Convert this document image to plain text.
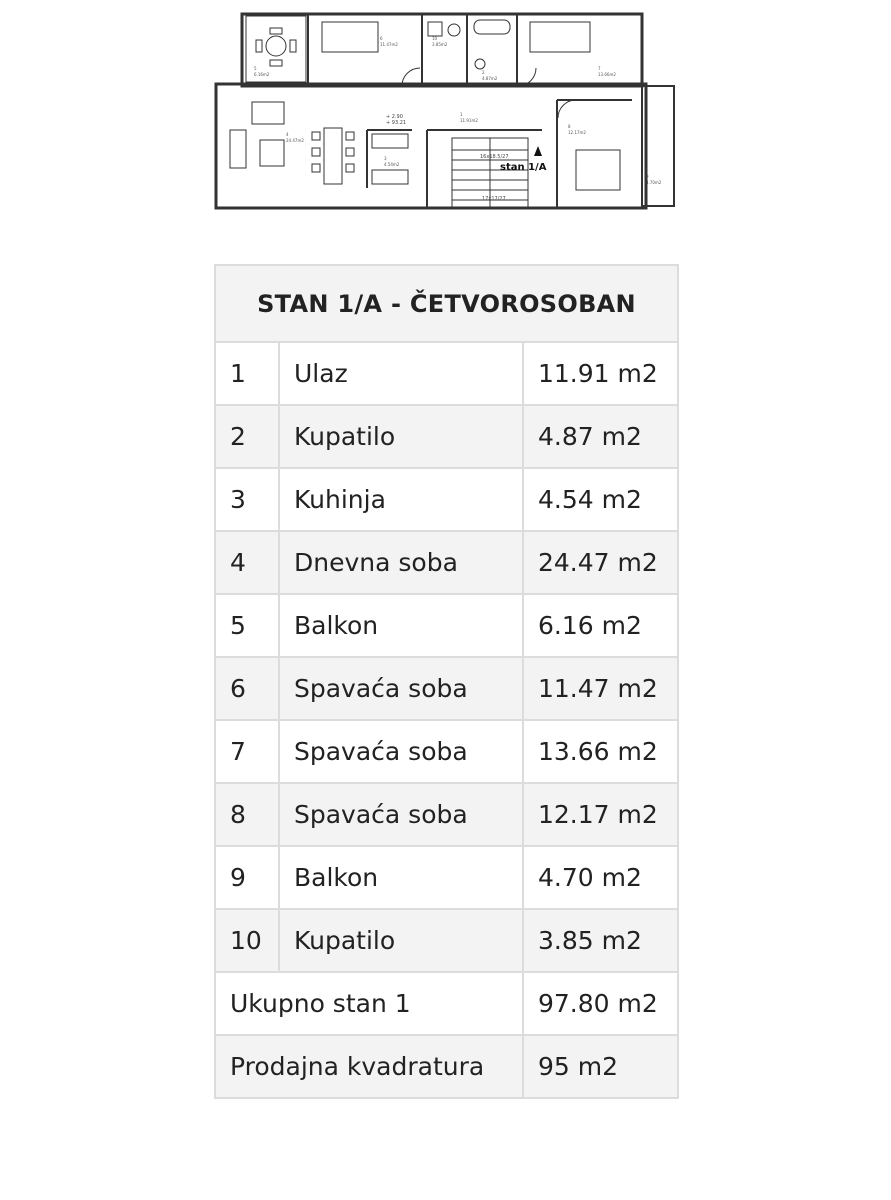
stan 1/A
16x18.5/27
17x17/27
+ 2.90
+ 93.21
1
11.91m2
2
4.87m2
3
4.54m2
4
24.47m2
5
6.16m2
6
11.47m2
7
13.66m2
8
12.17m2
9
4.70m2
10
3.85m2
STAN 1/A - ČETVOROSOBAN		
1	Ulaz	11.91 m2
2	Kupatilo	4.87 m2
3	Kuhinja	4.54 m2
4	Dnevna soba	24.47 m2
5	Balkon	6.16 m2
6	Spavaća soba	11.47 m2
7	Spavaća soba	13.66 m2
8	Spavaća soba	12.17 m2
9	Balkon	4.70 m2
10	Kupatilo	3.85 m2
Ukupno stan 1		97.80 m2
Prodajna kvadratura		95 m2
